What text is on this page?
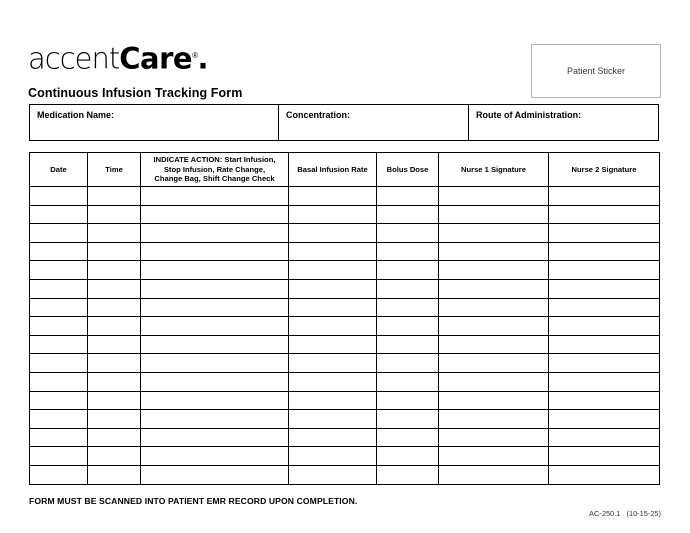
accentCare®.
Continuous Infusion Tracking Form
Patient Sticker
Medication Name:	Concentration:	Route of Administration:
Date	Time	INDICATE ACTION: Start Infusion,
Stop Infusion, Rate Change,
Change Bag, Shift Change Check	Basal Infusion Rate	Bolus Dose	Nurse 1 Signature	Nurse 2 Signature

FORM MUST BE SCANNED INTO PATIENT EMR RECORD UPON COMPLETION.
AC-250.1   (10-15-25)
